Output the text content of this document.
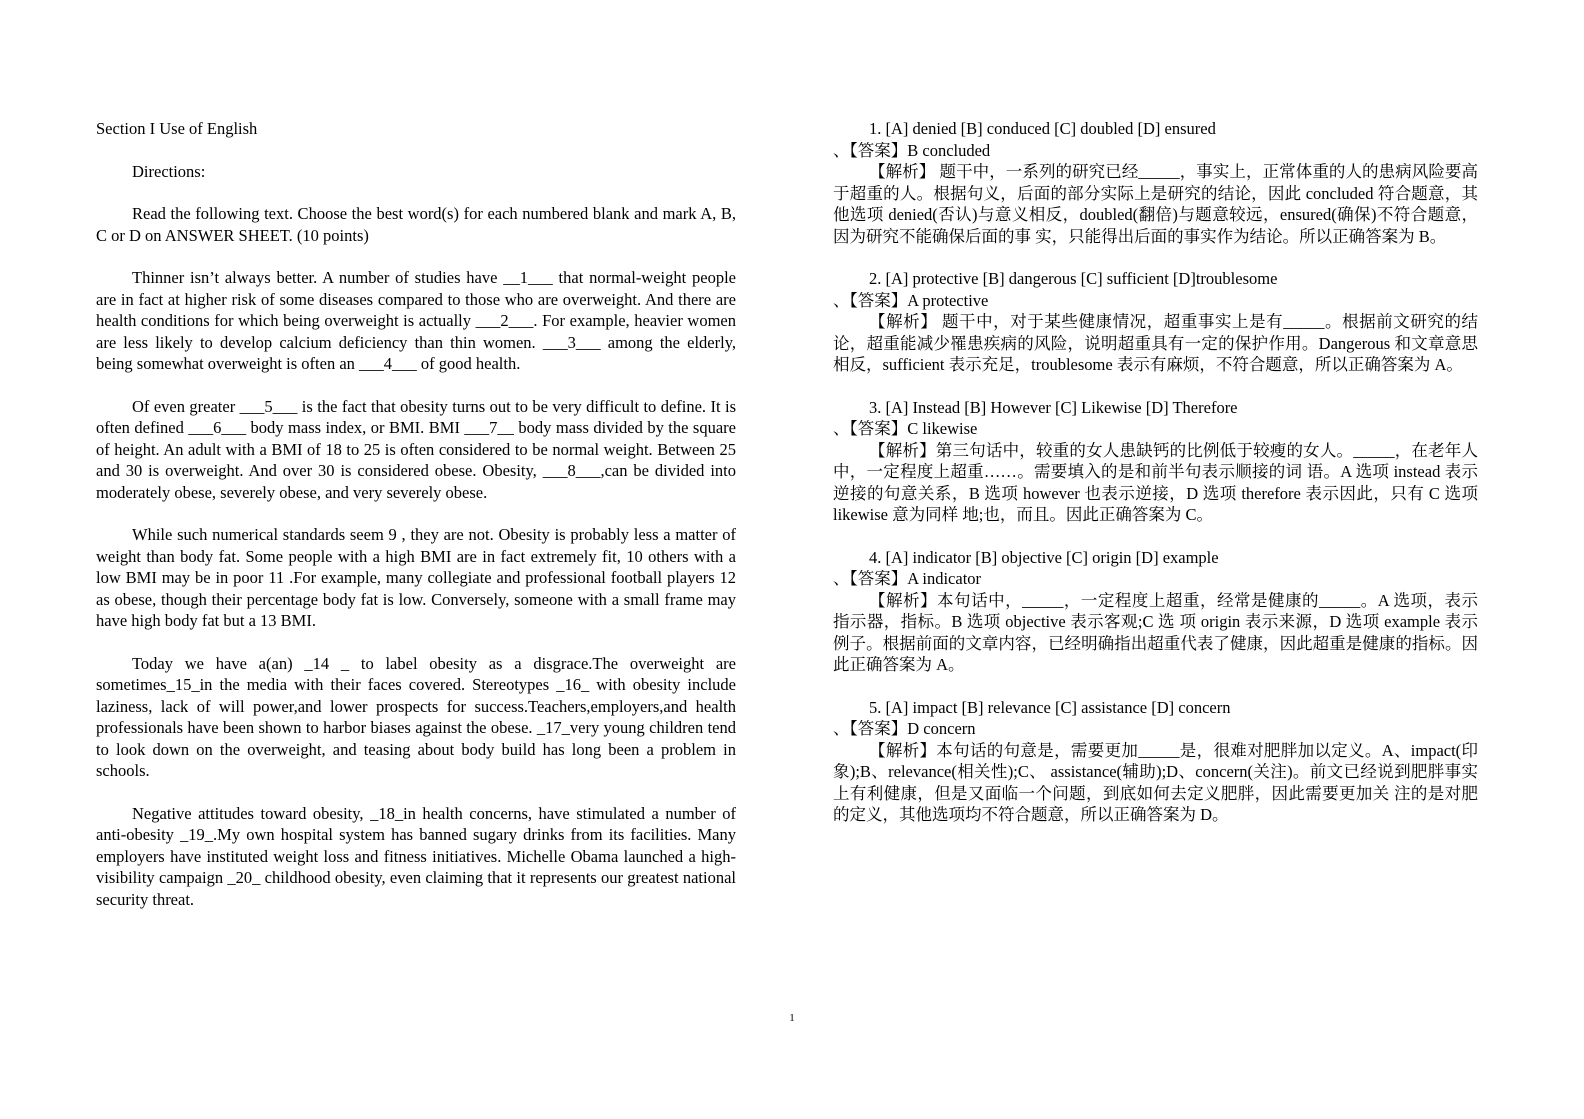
Section I Use of English

Directions:

Read the following text. Choose the best word(s) for each numbered blank and mark A, B, C or D on ANSWER SHEET. (10 points)

Thinner isn’t always better. A number of studies have __1___ that normal-weight people are in fact at higher risk of some diseases compared to those who are overweight. And there are health conditions for which being overweight is actually ___2___. For example, heavier women are less likely to develop calcium deficiency than thin women. ___3___ among the elderly, being somewhat overweight is often an ___4___ of good health.

Of even greater ___5___ is the fact that obesity turns out to be very difficult to define. It is often defined ___6___ body mass index, or BMI. BMI ___7__ body mass divided by the square of height. An adult with a BMI of 18 to 25 is often considered to be normal weight. Between 25 and 30 is overweight. And over 30 is considered obese. Obesity, ___8___,can be divided into moderately obese, severely obese, and very severely obese.

While such numerical standards seem 9 , they are not. Obesity is probably less a matter of weight than body fat. Some people with a high BMI are in fact extremely fit, 10 others with a low BMI may be in poor 11 .For example, many collegiate and professional football players 12 as obese, though their percentage body fat is low. Conversely, someone with a small frame may have high body fat but a 13 BMI.

Today we have a(an) _14 _ to label obesity as a disgrace.The overweight are sometimes_15_in the media with their faces covered. Stereotypes _16_ with obesity include laziness, lack of will power,and lower prospects for success.Teachers,employers,and health professionals have been shown to harbor biases against the obese. _17_very young children tend to look down on the overweight, and teasing about body build has long been a problem in schools.

Negative attitudes toward obesity, _18_in health concerns, have stimulated a number of anti-obesity _19_.My own hospital system has banned sugary drinks from its facilities. Many employers have instituted weight loss and fitness initiatives. Michelle Obama launched a high-visibility campaign _20_ childhood obesity, even claiming that it represents our greatest national security threat.

1. [A] denied [B] conduced [C] doubled [D] ensured
、【答案】B concluded
【解析】 题干中，一系列的研究已经_____，事实上，正常体重的人的患病风险要高于超重的人。根据句义，后面的部分实际上是研究的结论，因此 concluded 符合题意，其他选项 denied(否认)与意义相反，doubled(翻倍)与题意较远，ensured(确保)不符合题意，因为研究不能确保后面的事 实，只能得出后面的事实作为结论。所以正确答案为 B。
2. [A] protective [B] dangerous [C] sufficient [D]troublesome
、【答案】A protective
【解析】 题干中，对于某些健康情况，超重事实上是有_____。根据前文研究的结论，超重能减少罹患疾病的风险，说明超重具有一定的保护作用。Dangerous 和文章意思相反，sufficient 表示充足，troublesome 表示有麻烦，不符合题意，所以正确答案为 A。
3. [A] Instead [B] However [C] Likewise [D] Therefore
、【答案】C likewise
【解析】第三句话中，较重的女人患缺钙的比例低于较瘦的女人。_____，在老年人中，一定程度上超重……。需要填入的是和前半句表示顺接的词 语。A 选项 instead 表示逆接的句意关系，B 选项 however 也表示逆接，D 选项 therefore 表示因此，只有 C 选项 likewise 意为同样 地;也，而且。因此正确答案为 C。
4. [A] indicator [B] objective [C] origin [D] example
、【答案】A indicator
【解析】本句话中，_____，一定程度上超重，经常是健康的_____。A 选项，表示指示器，指标。B 选项 objective 表示客观;C 选 项 origin 表示来源，D 选项 example 表示例子。根据前面的文章内容，已经明确指出超重代表了健康，因此超重是健康的指标。因此正确答案为 A。
5. [A] impact [B] relevance [C] assistance [D] concern
、【答案】D concern
【解析】本句话的句意是，需要更加_____是，很难对肥胖加以定义。A、impact(印象);B、relevance(相关性);C、 assistance(辅助);D、concern(关注)。前文已经说到肥胖事实上有利健康，但是又面临一个问题，到底如何去定义肥胖，因此需要更加关 注的是对肥的定义，其他选项均不符合题意，所以正确答案为 D。
1
